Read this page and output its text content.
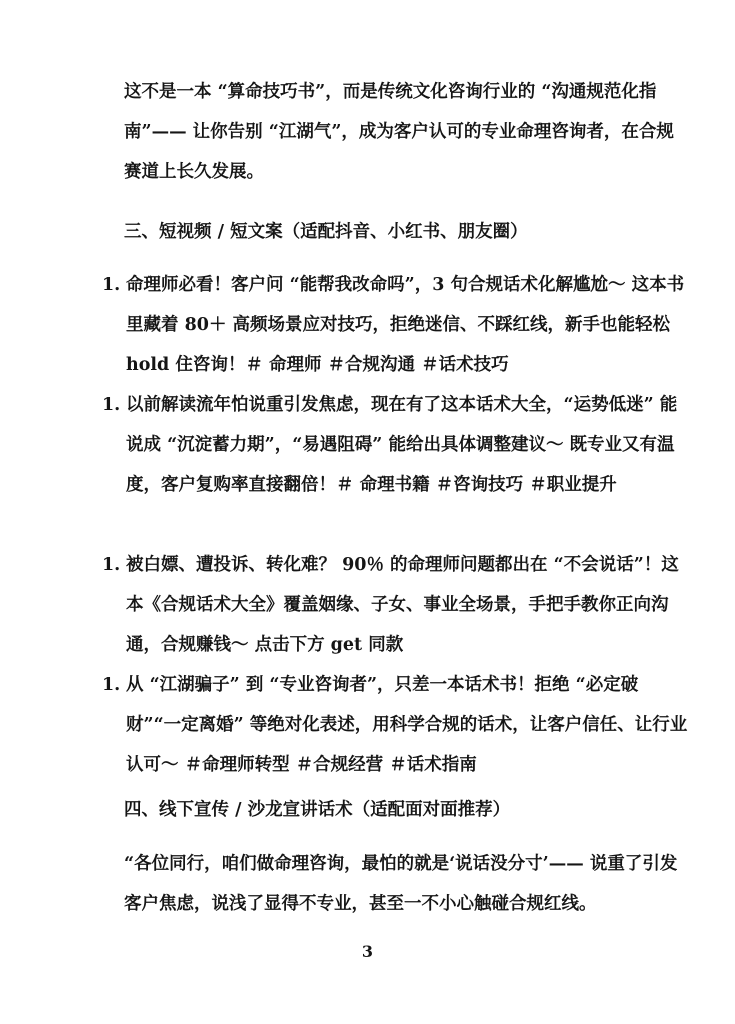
这不是一本 “算命技巧书”，而是传统文化咨询行业的 “沟通规范化指南”—— 让你告别 “江湖气”，成为客户认可的专业命理咨询者，在合规赛道上长久发展。

三、短视频 / 短文案（适配抖音、小红书、朋友圈）
1. 命理师必看！客户问 “能帮我改命吗”，3 句合规话术化解尴尬～ 这本书里藏着 80＋ 高频场景应对技巧，拒绝迷信、不踩红线，新手也能轻松 hold 住咨询！＃ 命理师 ＃合规沟通 ＃话术技巧
1. 以前解读流年怕说重引发焦虑，现在有了这本话术大全，“运势低迷” 能说成 “沉淀蓄力期”，“易遇阻碍” 能给出具体调整建议～ 既专业又有温度，客户复购率直接翻倍！＃ 命理书籍 ＃咨询技巧 ＃职业提升
1. 被白嫖、遭投诉、转化难？ 90％ 的命理师问题都出在 “不会说话”！这本《合规话术大全》覆盖姻缘、子女、事业全场景，手把手教你正向沟通，合规赚钱～ 点击下方 get 同款
1. 从 “江湖骗子” 到 “专业咨询者”，只差一本话术书！拒绝 “必定破财”“一定离婚” 等绝对化表述，用科学合规的话术，让客户信任、让行业认可～ ＃命理师转型 ＃合规经营 ＃话术指南
四、线下宣传 / 沙龙宣讲话术（适配面对面推荐）

“各位同行，咱们做命理咨询，最怕的就是‘说话没分寸’—— 说重了引发客户焦虑，说浅了显得不专业，甚至一不小心触碰合规红线。

3
